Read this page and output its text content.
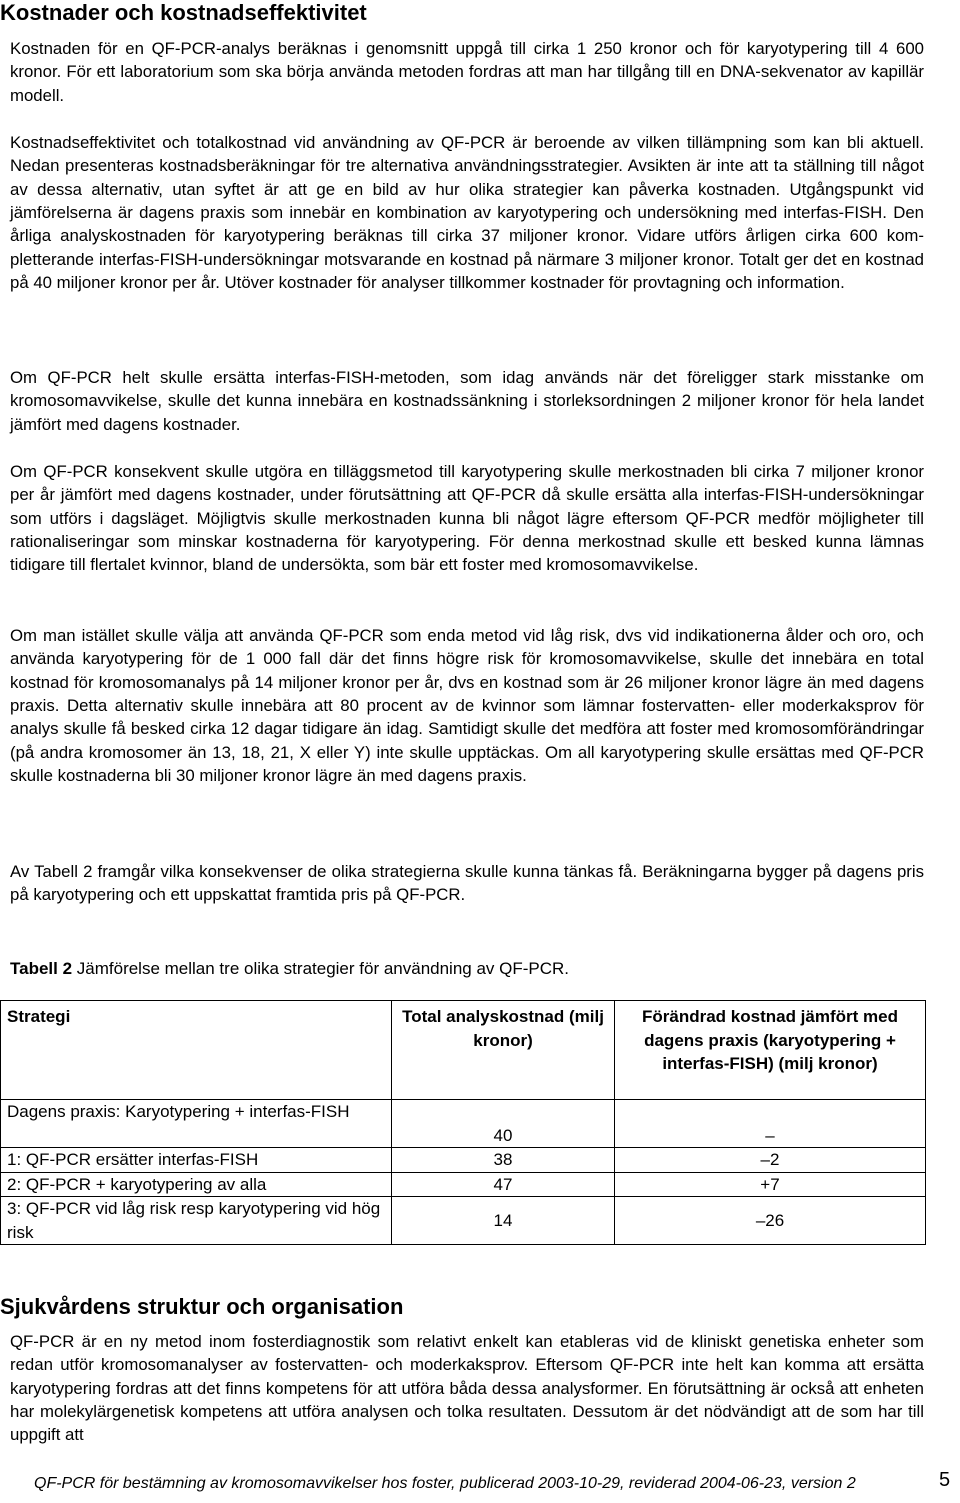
Kostnader och kostnadseffektivitet

Kostnaden för en QF-PCR-analys beräknas i genomsnitt uppgå till cirka 1 250 kronor och för karyotypering till 4 600 kronor. För ett laboratorium som ska börja använda metoden fordras att man har tillgång till en DNA-sekvenator av kapillär modell.

Kostnadseffektivitet och totalkostnad vid användning av QF-PCR är beroende av vilken tillämpning som kan bli aktuell. Nedan presenteras kostnadsberäkningar för tre alternativa användningsstrategier. Avsikten är inte att ta ställning till något av dessa alternativ, utan syftet är att ge en bild av hur olika strategier kan påverka kostnaden. Utgångspunkt vid jämförelserna är dagens praxis som innebär en kombination av karyotypering och undersökning med interfas-FISH. Den årliga analyskostnaden för karyotypering beräknas till cirka 37 miljoner kronor. Vidare utförs årligen cirka 600 kompletterande interfas-FISH-undersökningar motsvarande en kostnad på närmare 3 miljoner kronor. Totalt ger det en kostnad på 40 miljoner kronor per år. Utöver kostnader för analyser tillkommer kostnader för provtagning och information.

Om QF-PCR helt skulle ersätta interfas-FISH-metoden, som idag används när det föreligger stark misstanke om kromosomavvikelse, skulle det kunna innebära en kostnadssänkning i storleksordningen 2 miljoner kronor för hela landet jämfört med dagens kostnader.

Om QF-PCR konsekvent skulle utgöra en tilläggsmetod till karyotypering skulle merkostnaden bli cirka 7 miljoner kronor per år jämfört med dagens kostnader, under förutsättning att QF-PCR då skulle ersätta alla interfas-FISH-undersökningar som utförs i dagsläget. Möjligtvis skulle merkostnaden kunna bli något lägre eftersom QF-PCR medför möjligheter till rationaliseringar som minskar kostnaderna för karyotypering. För denna merkostnad skulle ett besked kunna lämnas tidigare till flertalet kvinnor, bland de undersökta, som bär ett foster med kromosomavvikelse.

Om man istället skulle välja att använda QF-PCR som enda metod vid låg risk, dvs vid indikationerna ålder och oro, och använda karyotypering för de 1 000 fall där det finns högre risk för kromosomavvikelse, skulle det innebära en total kostnad för kromosomanalys på 14 miljoner kronor per år, dvs en kostnad som är 26 miljoner kronor lägre än med dagens praxis. Detta alternativ skulle innebära att 80 procent av de kvinnor som lämnar fostervatten- eller moderkaksprov för analys skulle få besked cirka 12 dagar tidigare än idag. Samtidigt skulle det medföra att foster med kromosomförändringar (på andra kromosomer än 13, 18, 21, X eller Y) inte skulle upptäckas. Om all karyotypering skulle ersättas med QF-PCR skulle kostnaderna bli 30 miljoner kronor lägre än med dagens praxis.

Av Tabell 2 framgår vilka konsekvenser de olika strategierna skulle kunna tänkas få. Beräkningarna bygger på dagens pris på karyotypering och ett uppskattat framtida pris på QF-PCR.

Tabell 2 Jämförelse mellan tre olika strategier för användning av QF-PCR.

Strategi	Total analyskostnad (milj kronor)	Förändrad kostnad jämfört med dagens praxis (karyotypering + interfas-FISH) (milj kronor)
Dagens praxis: Karyotypering + interfas-FISH	40	–
1: QF-PCR ersätter interfas-FISH	38	–2
2: QF-PCR + karyotypering av alla	47	+7
3: QF-PCR vid låg risk resp karyotypering vid hög risk	14	–26
Sjukvårdens struktur och organisation

QF-PCR är en ny metod inom fosterdiagnostik som relativt enkelt kan etableras vid de kliniskt genetiska enheter som redan utför kromosomanalyser av fostervatten- och moderkaksprov. Eftersom QF-PCR inte helt kan komma att ersätta karyotypering fordras att det finns kompetens för att utföra båda dessa analysformer. En förutsättning är också att enheten har molekylärgenetisk kompetens att utföra analysen och tolka resultaten. Dessutom är det nödvändigt att de som har till uppgift att

QF-PCR för bestämning av kromosomavvikelser hos foster, publicerad 2003-10-29, reviderad 2004-06-23, version 2	5
